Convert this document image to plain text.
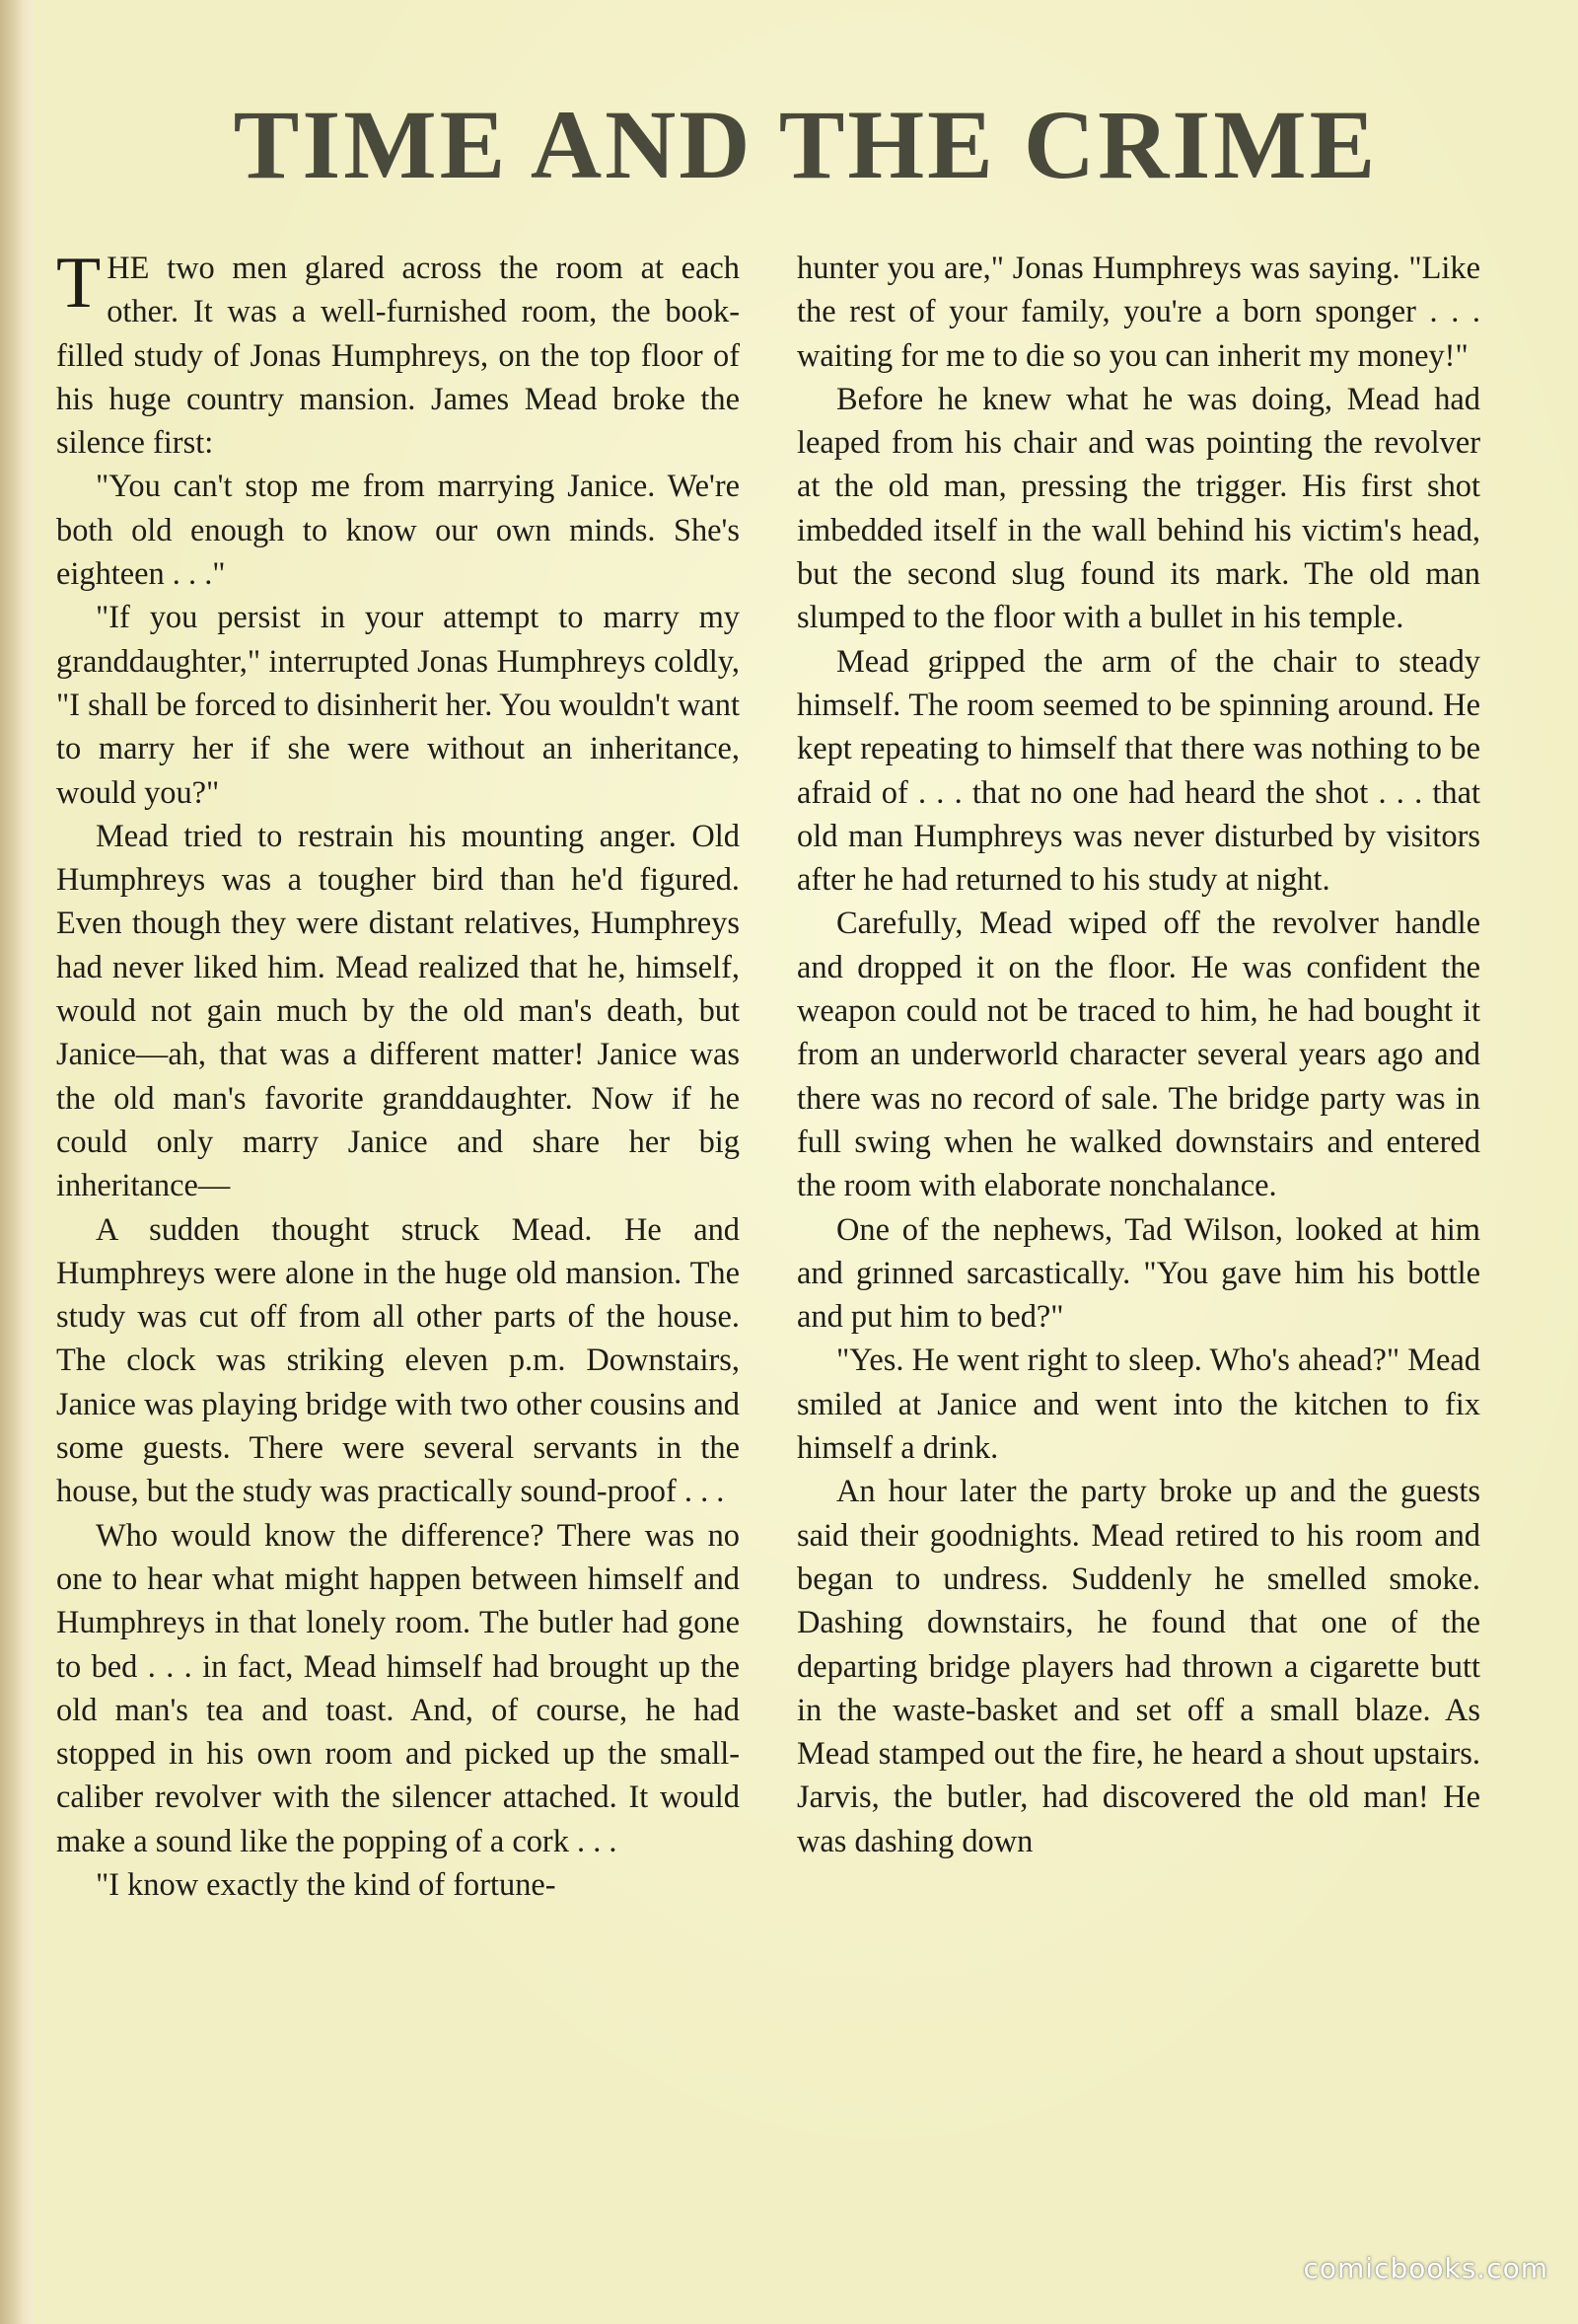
TIME AND THE CRIME

THE two men glared across the room at each other. It was a well-furnished room, the book-filled study of Jonas Humphreys, on the top floor of his huge country mansion. James Mead broke the silence first:

"You can't stop me from marrying Janice. We're both old enough to know our own minds. She's eighteen . . ."

"If you persist in your attempt to marry my granddaughter," interrupted Jonas Humphreys coldly, "I shall be forced to disinherit her. You wouldn't want to marry her if she were without an inheritance, would you?"

Mead tried to restrain his mounting anger. Old Humphreys was a tougher bird than he'd figured. Even though they were distant relatives, Humphreys had never liked him. Mead realized that he, himself, would not gain much by the old man's death, but Janice—ah, that was a different matter! Janice was the old man's favorite granddaughter. Now if he could only marry Janice and share her big inheritance—

A sudden thought struck Mead. He and Humphreys were alone in the huge old mansion. The study was cut off from all other parts of the house. The clock was striking eleven p.m. Downstairs, Janice was playing bridge with two other cousins and some guests. There were several servants in the house, but the study was practically sound-proof . . .

Who would know the difference? There was no one to hear what might happen between himself and Humphreys in that lonely room. The butler had gone to bed . . . in fact, Mead himself had brought up the old man's tea and toast. And, of course, he had stopped in his own room and picked up the small-caliber revolver with the silencer attached. It would make a sound like the popping of a cork . . .

"I know exactly the kind of fortune-

hunter you are," Jonas Humphreys was saying. "Like the rest of your family, you're a born sponger . . . waiting for me to die so you can inherit my money!"

Before he knew what he was doing, Mead had leaped from his chair and was pointing the revolver at the old man, pressing the trigger. His first shot imbedded itself in the wall behind his victim's head, but the second slug found its mark. The old man slumped to the floor with a bullet in his temple.

Mead gripped the arm of the chair to steady himself. The room seemed to be spinning around. He kept repeating to himself that there was nothing to be afraid of . . . that no one had heard the shot . . . that old man Humphreys was never disturbed by visitors after he had returned to his study at night.

Carefully, Mead wiped off the revolver handle and dropped it on the floor. He was confident the weapon could not be traced to him, he had bought it from an underworld character several years ago and there was no record of sale. The bridge party was in full swing when he walked downstairs and entered the room with elaborate nonchalance.

One of the nephews, Tad Wilson, looked at him and grinned sarcastically. "You gave him his bottle and put him to bed?"

"Yes. He went right to sleep. Who's ahead?" Mead smiled at Janice and went into the kitchen to fix himself a drink.

An hour later the party broke up and the guests said their goodnights. Mead retired to his room and began to undress. Suddenly he smelled smoke. Dashing downstairs, he found that one of the departing bridge players had thrown a cigarette butt in the waste-basket and set off a small blaze. As Mead stamped out the fire, he heard a shout upstairs. Jarvis, the butler, had discovered the old man! He was dashing down

comicbooks.com
